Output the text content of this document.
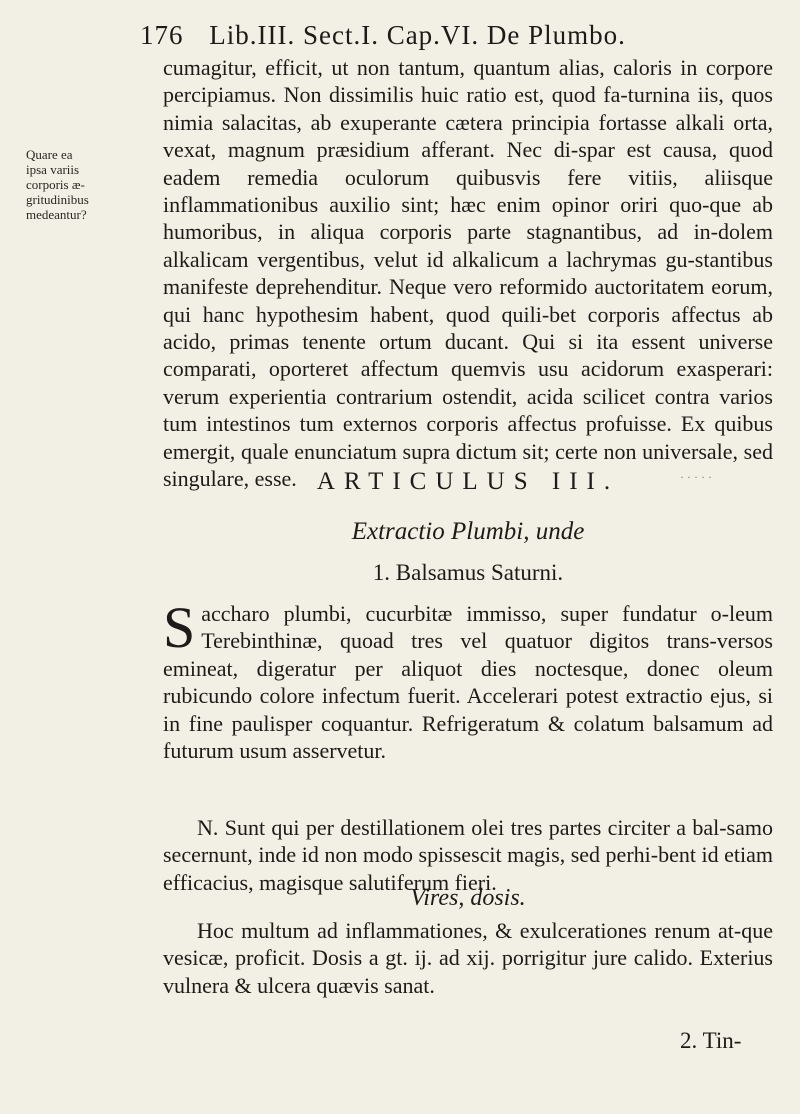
176 Lib.III. Sect.I. Cap.VI. De Plumbo.
Quare ea
ipsa variis
corporis æ-
gritudinibus
medeantur?

cumagitur, efficit, ut non tantum, quantum alias, caloris in corpore percipiamus. Non dissimilis huic ratio est, quod fa-turnina iis, quos nimia salacitas, ab exuperante cætera principia fortasse alkali orta, vexat, magnum præsidium afferant. Nec di-spar est causa, quod eadem remedia oculorum quibusvis fere vitiis, aliisque inflammationibus auxilio sint; hæc enim opinor oriri quo-que ab humoribus, in aliqua corporis parte stagnantibus, ad in-dolem alkalicam vergentibus, velut id alkalicum a lachrymas gu-stantibus manifeste deprehenditur. Neque vero reformido auctoritatem eorum, qui hanc hypothesim habent, quod quili-bet corporis affectus ab acido, primas tenente ortum ducant. Qui si ita essent universe comparati, oporteret affectum quemvis usu acidorum exasperari: verum experientia contrarium ostendit, acida scilicet contra varios tum intestinos tum externos corporis affectus profuisse. Ex quibus emergit, quale enunciatum supra dictum sit; certe non universale, sed singulare, esse.	· · · · ·
ARTICULUS III.
Extractio Plumbi, unde
1. Balsamus Saturni.

S accharo plumbi, cucurbitæ immisso, super fundatur o-leum Terebinthinæ, quoad tres vel quatuor digitos trans-versos emineat, digeratur per aliquot dies noctesque, donec oleum rubicundo colore infectum fuerit. Accelerari potest extractio ejus, si in fine paulisper coquantur. Refrigeratum & colatum balsamum ad futurum usum asservetur.

N. Sunt qui per destillationem olei tres partes circiter a bal-samo secernunt, inde id non modo spissescit magis, sed perhi-bent id etiam efficacius, magisque salutiferum fieri.

Vires, dosis.

Hoc multum ad inflammationes, & exulcerationes renum at-que vesicæ, proficit. Dosis a gt. ij. ad xij. porrigitur jure calido. Exterius vulnera & ulcera quævis sanat.

2. Tin-
